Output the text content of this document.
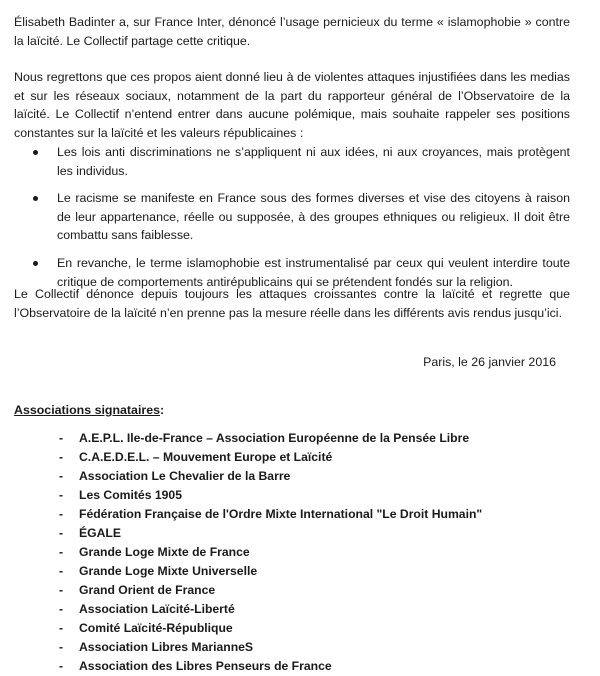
Élisabeth Badinter a, sur France Inter, dénoncé l’usage pernicieux du terme « islamophobie » contre la laïcité. Le Collectif partage cette critique.

Nous regrettons que ces propos aient donné lieu à de violentes attaques injustifiées dans les medias et sur les réseaux sociaux, notamment de la part du rapporteur général de l’Observatoire de la laïcité. Le Collectif n’entend entrer dans aucune polémique, mais souhaite rappeler ses positions constantes sur la laïcité et les valeurs républicaines :

Les lois anti discriminations ne s’appliquent ni aux idées, ni aux croyances, mais protègent les individus.
Le racisme se manifeste en France sous des formes diverses et vise des citoyens à raison de leur appartenance, réelle ou supposée, à des groupes ethniques ou religieux. Il doit être combattu sans faiblesse.
En revanche, le terme islamophobie est instrumentalisé par ceux qui veulent interdire toute critique de comportements antirépublicains qui se prétendent fondés sur la religion.

Le Collectif dénonce depuis toujours les attaques croissantes contre la laïcité et regrette que l’Observatoire de la laïcité n’en prenne pas la mesure réelle dans les différents avis rendus jusqu’ici.

Paris, le 26 janvier 2016
Associations signataires:
- A.E.P.L. Ile-de-France – Association Européenne de la Pensée Libre
- C.A.E.D.E.L. – Mouvement Europe et Laïcité
- Association Le Chevalier de la Barre
- Les Comités 1905
- Fédération Française de l'Ordre Mixte International "Le Droit Humain"
- ÉGALE
- Grande Loge Mixte de France
- Grande Loge Mixte Universelle
- Grand Orient de France
- Association Laïcité-Liberté
- Comité Laïcité-République
- Association Libres MarianneS
- Association des Libres Penseurs de France
